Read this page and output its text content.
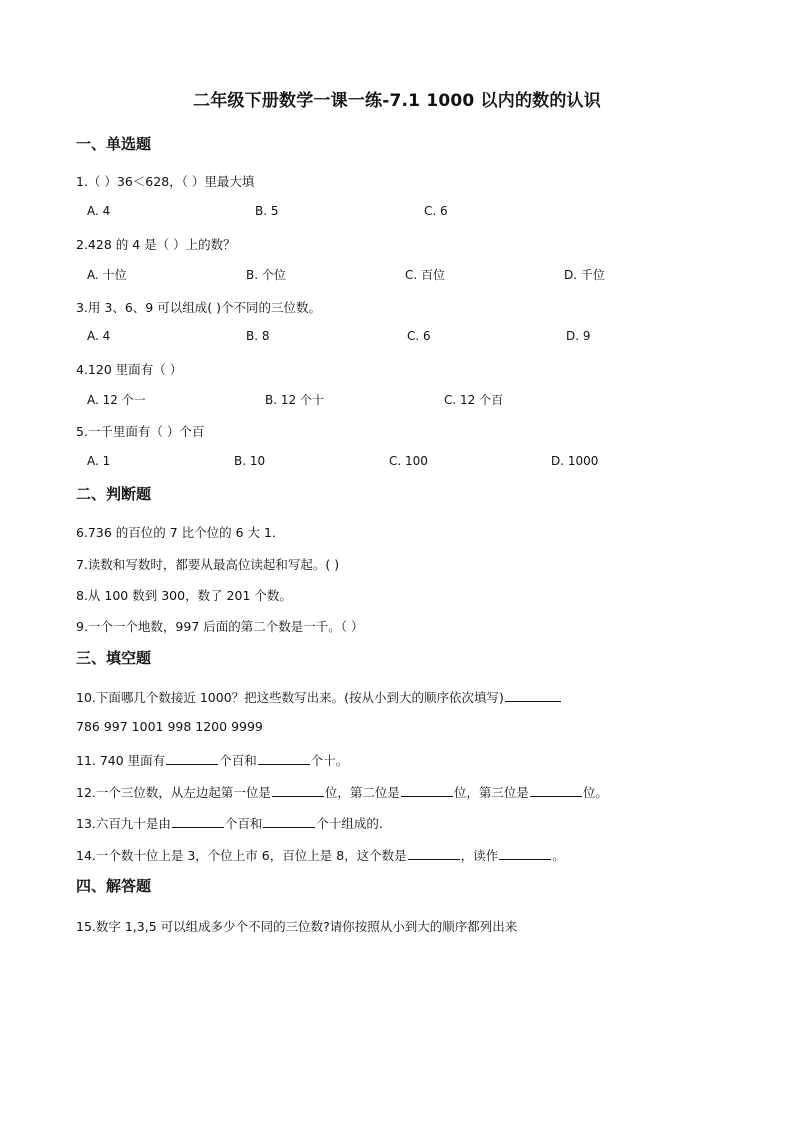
二年级下册数学一课一练-7.1 1000 以内的数的认识
一、单选题
1.（ ）36＜628，（ ）里最大填
A. 4	B. 5	C. 6
2.428 的 4 是（ ）上的数？
A. 十位	B. 个位	C. 百位	D. 千位
3.用 3、6、9 可以组成( )个不同的三位数。
A. 4	B. 8	C. 6	D. 9
4.120 里面有（ ）
A. 12 个一	B. 12 个十	C. 12 个百
5.一千里面有（ ）个百
A. 1	B. 10	C. 100	D. 1000
二、判断题
6.736 的百位的 7 比个位的 6 大 1．
7.读数和写数时，都要从最高位读起和写起。( )
8.从 100 数到 300，数了 201 个数。
9.一个一个地数，997 后面的第二个数是一千。（ ）
三、填空题
10.下面哪几个数接近 1000？把这些数写出来。(按从小到大的顺序依次填写)
786 997 1001 998 1200 9999
11. 740 里面有	个百和	个十。
12.一个三位数，从左边起第一位是	位，第二位是	位，第三位是	位。
13.六百九十是由	个百和	个十组成的.
14.一个数十位上是 3，个位上市 6，百位上是 8，这个数是	，读作	。
四、解答题
15.数字 1,3,5 可以组成多少个不同的三位数?请你按照从小到大的顺序都列出来
